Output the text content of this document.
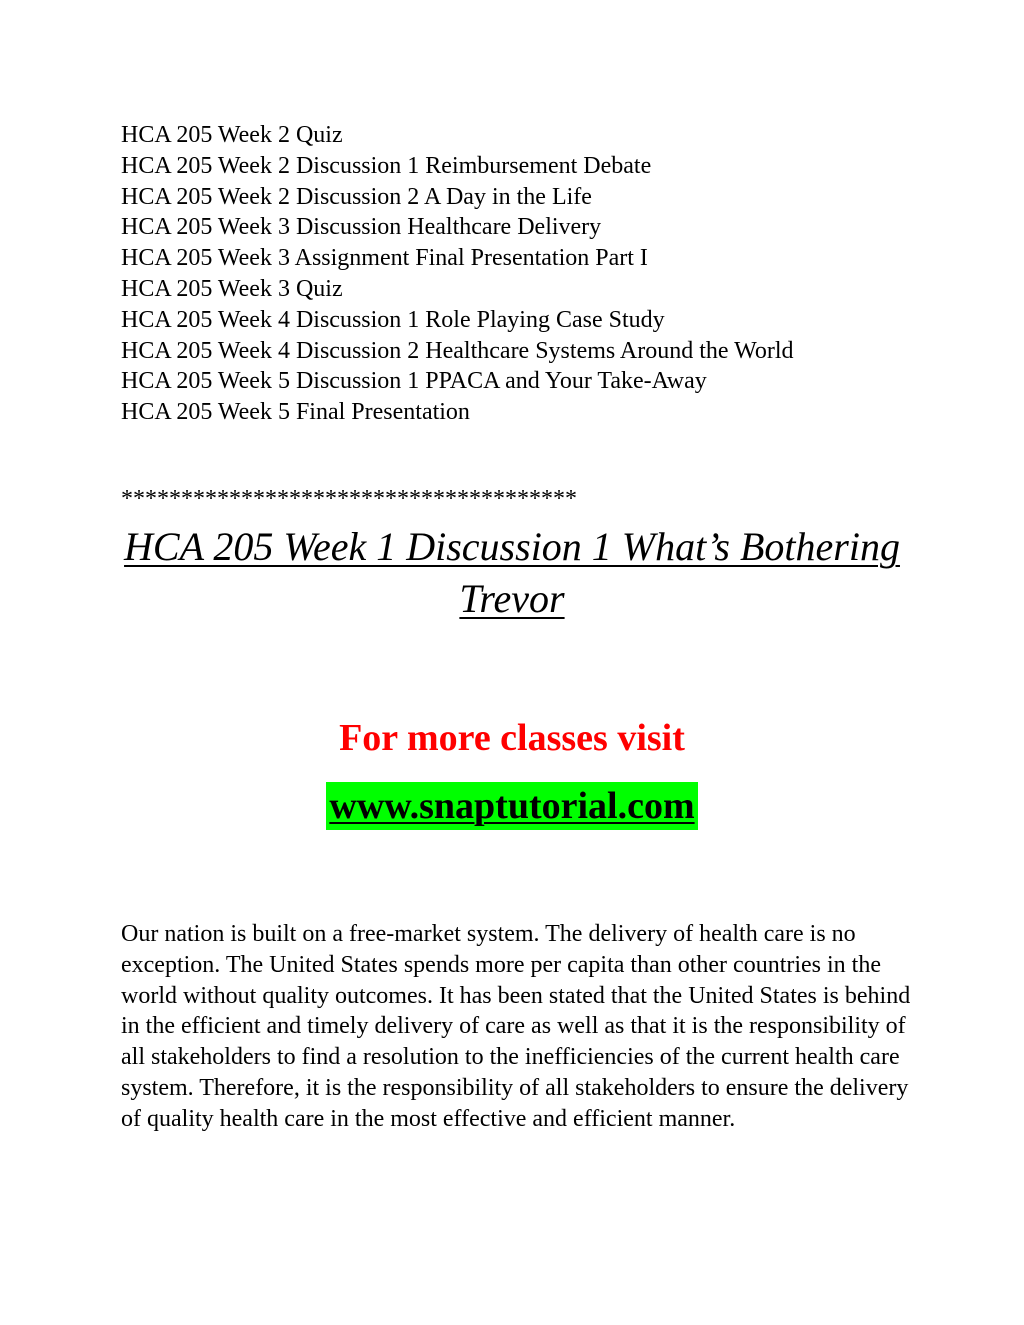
HCA 205 Week 2 Quiz
HCA 205 Week 2 Discussion 1 Reimbursement Debate
HCA 205 Week 2 Discussion 2 A Day in the Life
HCA 205 Week 3 Discussion Healthcare Delivery
HCA 205 Week 3 Assignment Final Presentation Part I
HCA 205 Week 3 Quiz
HCA 205 Week 4 Discussion 1 Role Playing Case Study
HCA 205 Week 4 Discussion 2 Healthcare Systems Around the World
HCA 205 Week 5 Discussion 1 PPACA and Your Take-Away
HCA 205 Week 5 Final Presentation
**************************************
HCA 205 Week 1 Discussion 1 What’s Bothering Trevor

For more classes visit

www.snaptutorial.com

Our nation is built on a free-market system. The delivery of health care is no exception. The United States spends more per capita than other countries in the world without quality outcomes. It has been stated that the United States is behind in the efficient and timely delivery of care as well as that it is the responsibility of all stakeholders to find a resolution to the inefficiencies of the current health care system. Therefore, it is the responsibility of all stakeholders to ensure the delivery of quality health care in the most effective and efficient manner.
